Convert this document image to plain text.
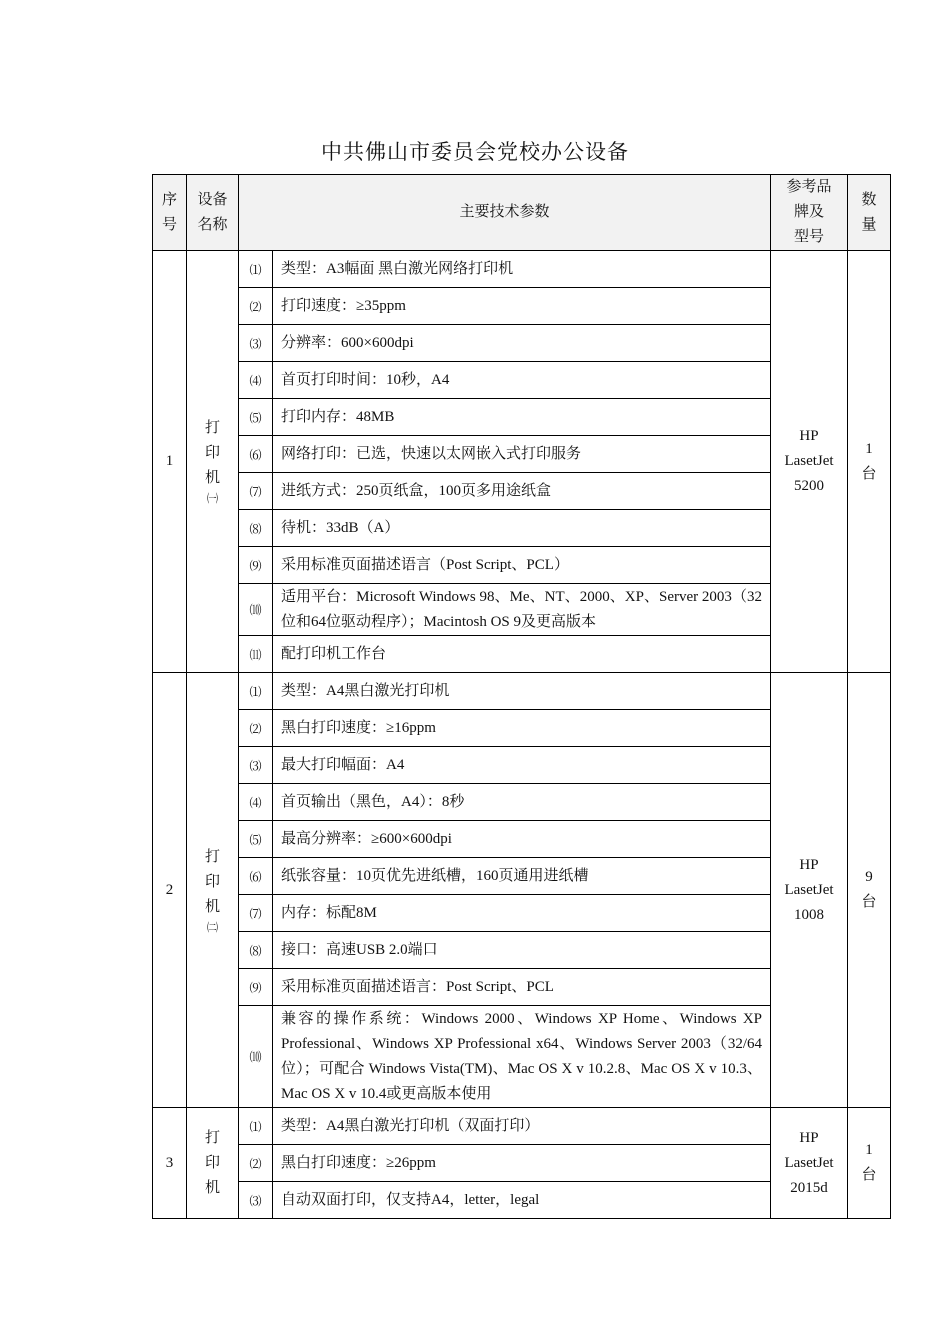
中共佛山市委员会党校办公设备
序
号	设备
名称	主要技术参数		参考品
牌及
型号	数
量
1	打
印
机

㈠	⑴	类型：A3幅面 黑白激光网络打印机	HP
LasetJet
5200	1
台
		⑵	打印速度：≥35ppm		
		⑶	分辨率：600×600dpi		
		⑷	首页打印时间：10秒，A4		
		⑸	打印内存：48MB		
		⑹	网络打印：已选，快速以太网嵌入式打印服务		
		⑺	进纸方式：250页纸盒，100页多用途纸盒		
		⑻	待机：33dB（A）		
		⑼	采用标准页面描述语言（Post Script、PCL）		
		⑽	适用平台：Microsoft Windows 98、Me、NT、2000、XP、Server 2003（32位和64位驱动程序）；Macintosh OS 9及更高版本		
		⑾	配打印机工作台		
2	打
印
机

㈡	⑴	类型：A4黑白激光打印机	HP
LasetJet
1008	9
台
		⑵	黑白打印速度：≥16ppm		
		⑶	最大打印幅面：A4		
		⑷	首页输出（黑色，A4）：8秒		
		⑸	最高分辨率：≥600×600dpi		
		⑹	纸张容量：10页优先进纸槽，160页通用进纸槽		
		⑺	内存：标配8M		
		⑻	接口：高速USB 2.0端口		
		⑼	采用标准页面描述语言：Post Script、PCL		
		⑽	兼容的操作系统：Windows 2000、Windows XP Home、Windows XP Professional、Windows XP Professional x64、Windows Server 2003（32/64位）；可配合 Windows Vista(TM)、Mac OS X v 10.2.8、Mac OS X v 10.3、Mac OS X v 10.4或更高版本使用		
3	打
印
机	⑴	类型：A4黑白激光打印机（双面打印）	HP
LasetJet
2015d	1
台
		⑵	黑白打印速度：≥26ppm		
		⑶	自动双面打印，仅支持A4，letter，legal		
